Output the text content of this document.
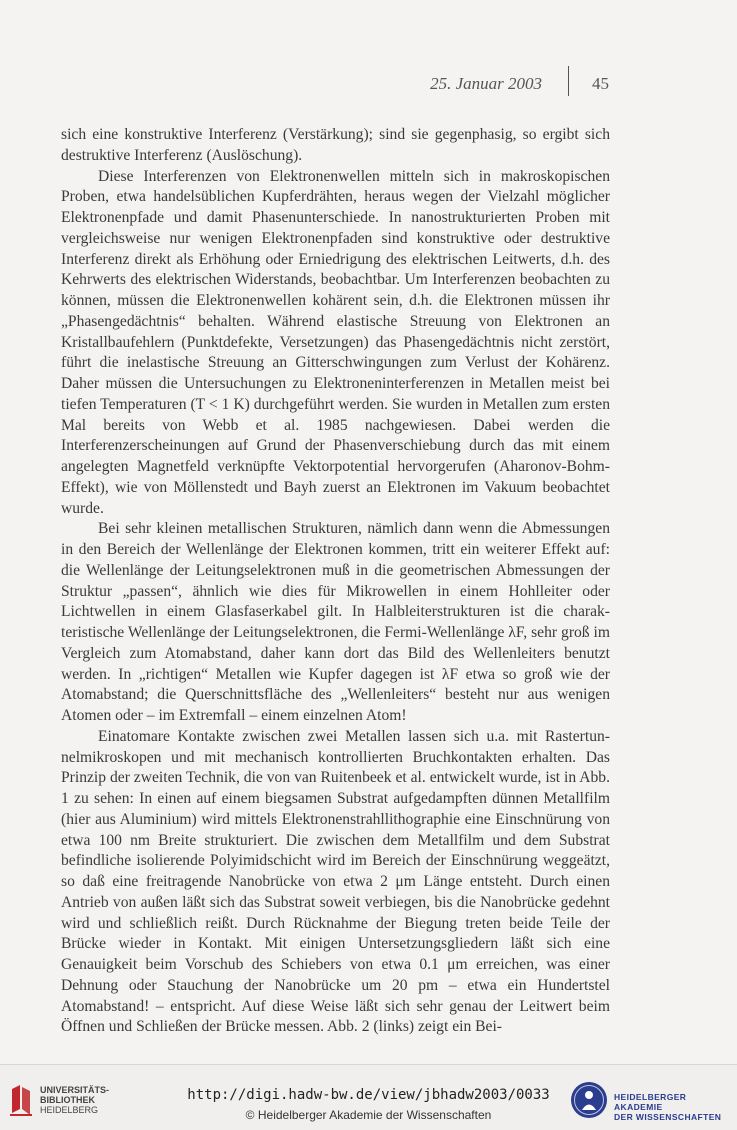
25. Januar 2003	45

sich eine konstruktive Interferenz (Verstärkung); sind sie gegenphasig, so ergibt sich destruktive Interferenz (Auslöschung).

Diese Interferenzen von Elektronenwellen mitteln sich in makroskopischen Proben, etwa handelsüblichen Kupferdrähten, heraus wegen der Vielzahl möglicher Elektronenpfade und damit Phasenunterschiede. In nanostrukturierten Proben mit vergleichsweise nur wenigen Elektronenpfaden sind konstruktive oder destruktive Interferenz direkt als Erhöhung oder Erniedrigung des elektrischen Leitwerts, d.h. des Kehrwerts des elektrischen Widerstands, beobachtbar. Um Interferenzen beobachten zu können, müssen die Elektronenwellen kohärent sein, d.h. die Elektronen müssen ihr „Phasengedächtnis“ behalten. Während elastische Streuung von Elektronen an Kristallbaufehlern (Punktdefekte, Versetzungen) das Phasengedächtnis nicht zerstört, führt die inelastische Streuung an Gitterschwingungen zum Verlust der Kohärenz. Daher müssen die Untersuchungen zu Elektroneninterferenzen in Metallen meist bei tiefen Temperaturen (T < 1 K) durchgeführt werden. Sie wurden in Metallen zum ersten Mal bereits von Webb et al. 1985 nachgewiesen. Dabei werden die Interferenzerscheinungen auf Grund der Phasenverschiebung durch das mit einem angelegten Magnetfeld verknüpfte Vektorpotential hervorgerufen (Aharonov-Bohm-Effekt), wie von Möllenstedt und Bayh zuerst an Elektronen im Vakuum beobachtet wurde.

Bei sehr kleinen metallischen Strukturen, nämlich dann wenn die Abmessungen in den Bereich der Wellenlänge der Elektronen kommen, tritt ein weiterer Effekt auf: die Wellenlänge der Leitungselektronen muß in die geometrischen Abmessungen der Struktur „passen“, ähnlich wie dies für Mikrowellen in einem Hohlleiter oder Lichtwellen in einem Glasfaserkabel gilt. In Halbleiterstrukturen ist die charakteristische Wellenlänge der Leitungselektronen, die Fermi-Wellenlänge λF, sehr groß im Vergleich zum Atomabstand, daher kann dort das Bild des Wellenleiters benutzt werden. In „richtigen“ Metallen wie Kupfer dagegen ist λF etwa so groß wie der Atomabstand; die Querschnittsfläche des „Wellenleiters“ besteht nur aus wenigen Atomen oder – im Extremfall – einem einzelnen Atom!

Einatomare Kontakte zwischen zwei Metallen lassen sich u.a. mit Rastertunnelmikroskopen und mit mechanisch kontrollierten Bruchkontakten erhalten. Das Prinzip der zweiten Technik, die von van Ruitenbeek et al. entwickelt wurde, ist in Abb. 1 zu sehen: In einen auf einem biegsamen Substrat aufgedampften dünnen Metallfilm (hier aus Aluminium) wird mittels Elektronenstrahllithographie eine Einschnürung von etwa 100 nm Breite strukturiert. Die zwischen dem Metallfilm und dem Substrat befindliche isolierende Polyimidschicht wird im Bereich der Einschnürung weggeätzt, so daß eine freitragende Nanobrücke von etwa 2 μm Länge entsteht. Durch einen Antrieb von außen läßt sich das Substrat soweit verbiegen, bis die Nanobrücke gedehnt wird und schließlich reißt. Durch Rücknahme der Biegung treten beide Teile der Brücke wieder in Kontakt. Mit einigen Untersetzungsgliedern läßt sich eine Genauigkeit beim Vorschub des Schiebers von etwa 0.1 μm erreichen, was einer Dehnung oder Stauchung der Nanobrücke um 20 pm – etwa ein Hundertstel Atomabstand! – entspricht. Auf diese Weise läßt sich sehr genau der Leitwert beim Öffnen und Schließen der Brücke messen. Abb. 2 (links) zeigt ein Bei-

UNIVERSITÄTS-
BIBLIOTHEK
HEIDELBERG
http://digi.hadw-bw.de/view/jbhadw2003/0033
© Heidelberger Akademie der Wissenschaften
HEIDELBERGER AKADEMIE
DER WISSENSCHAFTEN
